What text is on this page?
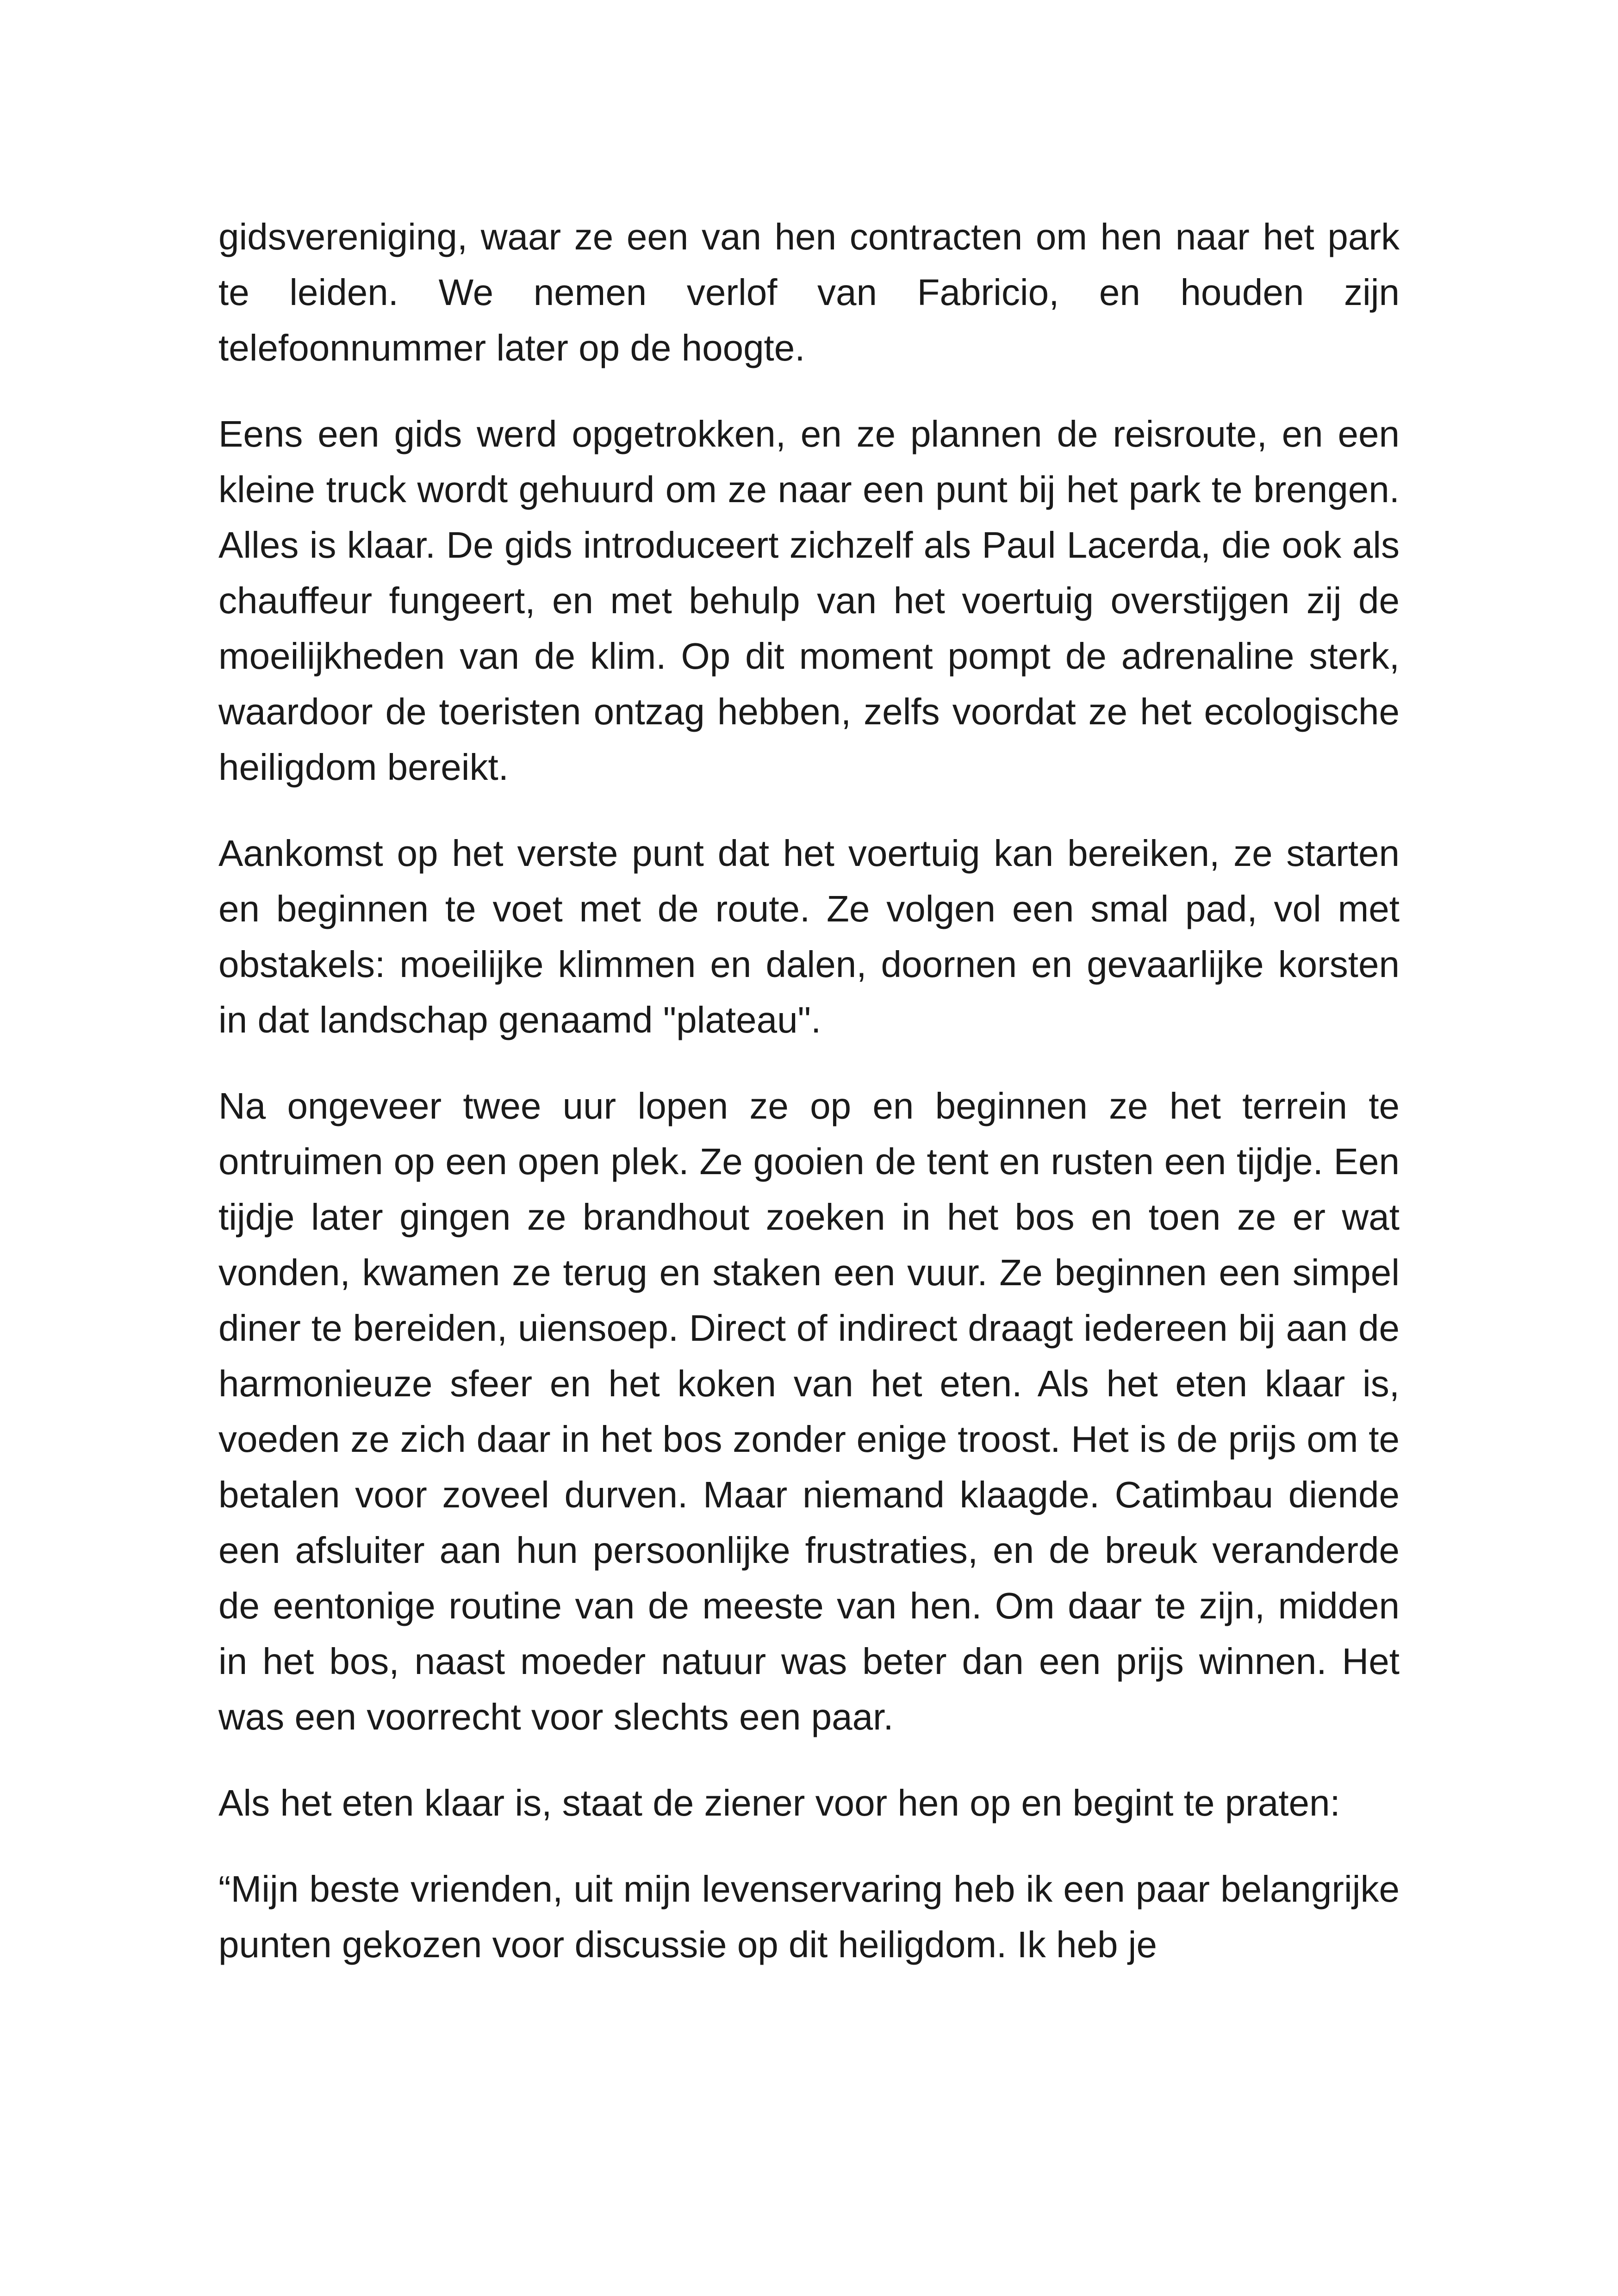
gidsvereniging, waar ze een van hen contracten om hen naar het park te leiden. We nemen verlof van Fabricio, en houden zijn telefoonnummer later op de hoogte.

Eens een gids werd opgetrokken, en ze plannen de reisroute, en een kleine truck wordt gehuurd om ze naar een punt bij het park te brengen. Alles is klaar. De gids introduceert zichzelf als Paul Lacerda, die ook als chauffeur fungeert, en met behulp van het voertuig overstijgen zij de moeilijkheden van de klim. Op dit moment pompt de adrenaline sterk, waardoor de toeristen ontzag hebben, zelfs voordat ze het ecologische heiligdom bereikt.

Aankomst op het verste punt dat het voertuig kan bereiken, ze starten en beginnen te voet met de route. Ze volgen een smal pad, vol met obstakels: moeilijke klimmen en dalen, doornen en gevaarlijke korsten in dat landschap genaamd "plateau".

Na ongeveer twee uur lopen ze op en beginnen ze het terrein te ontruimen op een open plek. Ze gooien de tent en rusten een tijdje. Een tijdje later gingen ze brandhout zoeken in het bos en toen ze er wat vonden, kwamen ze terug en staken een vuur. Ze beginnen een simpel diner te bereiden, uiensoep. Direct of indirect draagt iedereen bij aan de harmonieuze sfeer en het koken van het eten. Als het eten klaar is, voeden ze zich daar in het bos zonder enige troost. Het is de prijs om te betalen voor zoveel durven. Maar niemand klaagde. Catimbau diende een afsluiter aan hun persoonlijke frustraties, en de breuk veranderde de eentonige routine van de meeste van hen. Om daar te zijn, midden in het bos, naast moeder natuur was beter dan een prijs winnen. Het was een voorrecht voor slechts een paar.

Als het eten klaar is, staat de ziener voor hen op en begint te praten:

“Mijn beste vrienden, uit mijn levenservaring heb ik een paar belangrijke punten gekozen voor discussie op dit heiligdom. Ik heb je
